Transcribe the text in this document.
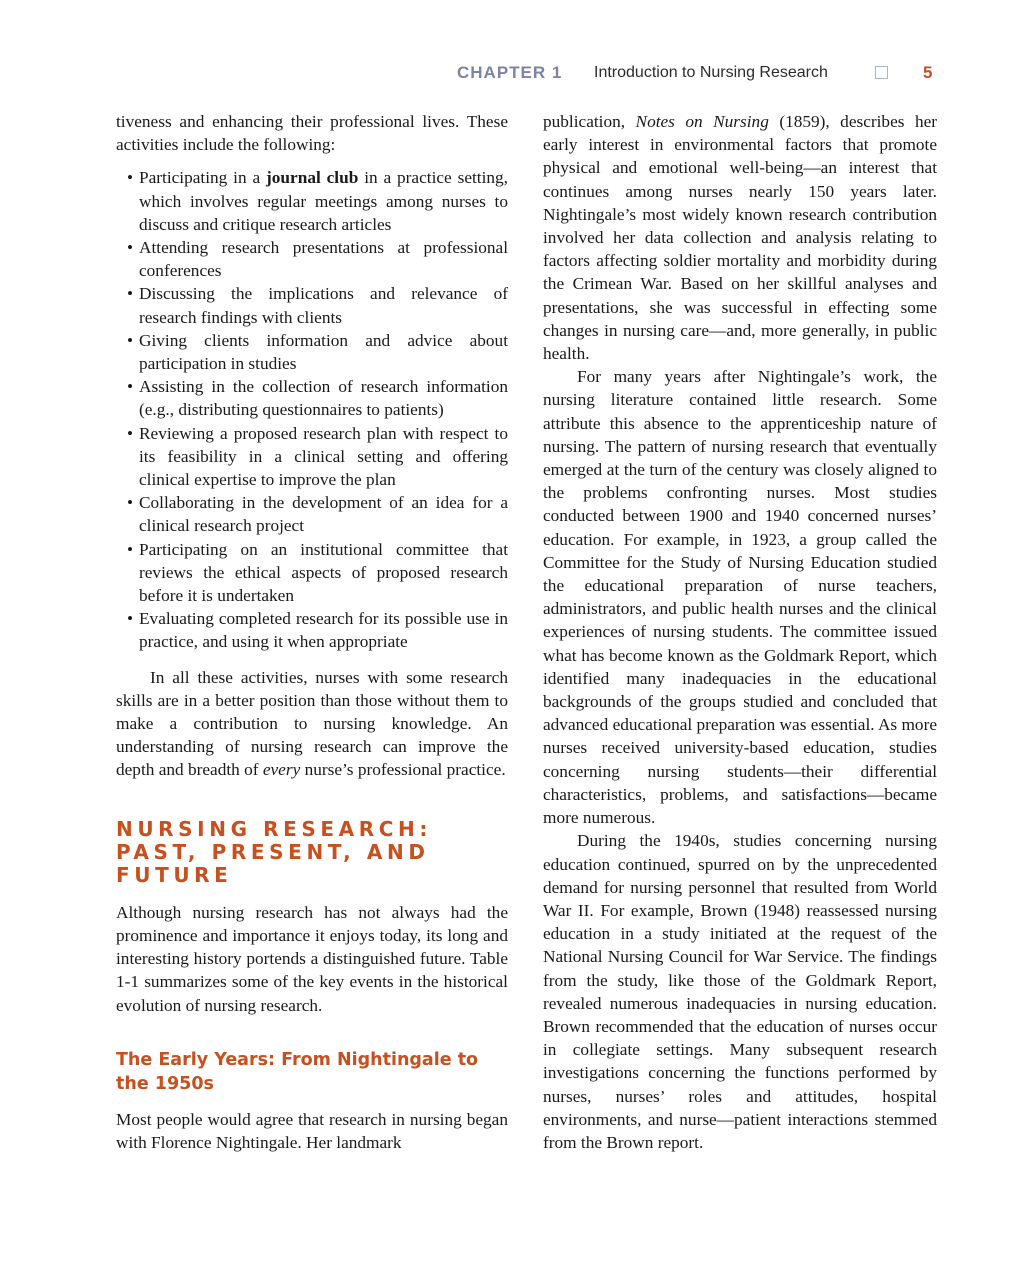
CHAPTER 1 Introduction to Nursing Research	5

tiveness and enhancing their professional lives. These activities include the following:

• Participating in a journal club in a practice setting, which involves regular meetings among nurses to discuss and critique research articles
• Attending research presentations at professional conferences
• Discussing the implications and relevance of research findings with clients
• Giving clients information and advice about participation in studies
• Assisting in the collection of research information (e.g., distributing questionnaires to patients)
• Reviewing a proposed research plan with respect to its feasibility in a clinical setting and offering clinical expertise to improve the plan
• Collaborating in the development of an idea for a clinical research project
• Participating on an institutional committee that reviews the ethical aspects of proposed research before it is undertaken
• Evaluating completed research for its possible use in practice, and using it when appropriate

In all these activities, nurses with some research skills are in a better position than those without them to make a contribution to nursing knowledge. An understanding of nursing research can improve the depth and breadth of every nurse’s professional practice.

NURSING RESEARCH: PAST, PRESENT, AND FUTURE

Although nursing research has not always had the prominence and importance it enjoys today, its long and interesting history portends a distinguished future. Table 1-1 summarizes some of the key events in the historical evolution of nursing research.

The Early Years: From Nightingale to the 1950s

Most people would agree that research in nursing began with Florence Nightingale. Her landmark

publication, Notes on Nursing (1859), describes her early interest in environmental factors that promote physical and emotional well-being—an interest that continues among nurses nearly 150 years later. Nightingale’s most widely known research contribution involved her data collection and analysis relating to factors affecting soldier mortality and morbidity during the Crimean War. Based on her skillful analyses and presentations, she was successful in effecting some changes in nursing care—and, more generally, in public health.

For many years after Nightingale’s work, the nursing literature contained little research. Some attribute this absence to the apprenticeship nature of nursing. The pattern of nursing research that eventually emerged at the turn of the century was closely aligned to the problems confronting nurses. Most studies conducted between 1900 and 1940 concerned nurses’ education. For example, in 1923, a group called the Committee for the Study of Nursing Education studied the educational preparation of nurse teachers, administrators, and public health nurses and the clinical experiences of nursing students. The committee issued what has become known as the Goldmark Report, which identified many inadequacies in the educational backgrounds of the groups studied and concluded that advanced educational preparation was essential. As more nurses received university-based education, studies concerning nursing students—their differential characteristics, problems, and satisfactions—became more numerous.

During the 1940s, studies concerning nursing education continued, spurred on by the unprecedented demand for nursing personnel that resulted from World War II. For example, Brown (1948) reassessed nursing education in a study initiated at the request of the National Nursing Council for War Service. The findings from the study, like those of the Goldmark Report, revealed numerous inadequacies in nursing education. Brown recommended that the education of nurses occur in collegiate settings. Many subsequent research investigations concerning the functions performed by nurses, nurses’ roles and attitudes, hospital environments, and nurse—patient interactions stemmed from the Brown report.
